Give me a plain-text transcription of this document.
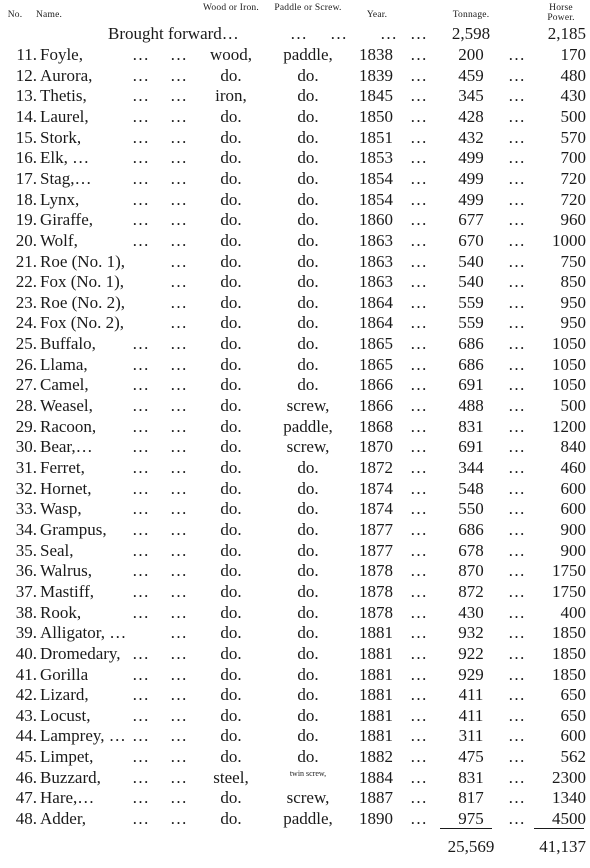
No.	Name.
Wood or Iron.	Paddle or Screw.
Year.	Tonnage.
Horse Power.
Brought forward…	… … … …	2,598	2,185
11. Foyle,	…	…	wood,	paddle,	1838	…	200	…	170
12. Aurora,	…	…	do.	do.	1839	…	459	…	480
13. Thetis,	…	…	iron,	do.	1845	…	345	…	430
14. Laurel,	…	…	do.	do.	1850	…	428	…	500
15. Stork,	…	…	do.	do.	1851	…	432	…	570
16. Elk, …	…	…	do.	do.	1853	…	499	…	700
17. Stag,…	…	…	do.	do.	1854	…	499	…	720
18. Lynx,	…	…	do.	do.	1854	…	499	…	720
19. Giraffe,	…	…	do.	do.	1860	…	677	…	960
20. Wolf,	…	…	do.	do.	1863	…	670	…	1000
21. Roe (No. 1),	…	do.	do.	1863	…	540	…	750
22. Fox (No. 1),	…	do.	do.	1863	…	540	…	850
23. Roe (No. 2),	…	do.	do.	1864	…	559	…	950
24. Fox (No. 2),	…	do.	do.	1864	…	559	…	950
25. Buffalo,	…	…	do.	do.	1865	…	686	…	1050
26. Llama,	…	…	do.	do.	1865	…	686	…	1050
27. Camel,	…	…	do.	do.	1866	…	691	…	1050
28. Weasel,	…	…	do.	screw,	1866	…	488	…	500
29. Racoon,	…	…	do.	paddle,	1868	…	831	…	1200
30. Bear,…	…	…	do.	screw,	1870	…	691	…	840
31. Ferret,	…	…	do.	do.	1872	…	344	…	460
32. Hornet,	…	…	do.	do.	1874	…	548	…	600
33. Wasp,	…	…	do.	do.	1874	…	550	…	600
34. Grampus,	…	…	do.	do.	1877	…	686	…	900
35. Seal,	…	…	do.	do.	1877	…	678	…	900
36. Walrus,	…	…	do.	do.	1878	…	870	…	1750
37. Mastiff,	…	…	do.	do.	1878	…	872	…	1750
38. Rook,	…	…	do.	do.	1878	…	430	…	400
39. Alligator, …	…	do.	do.	1881	…	932	…	1850
40. Dromedary, …	…	do.	do.	1881	…	922	…	1850
41. Gorilla	…	…	do.	do.	1881	…	929	…	1850
42. Lizard,	…	…	do.	do.	1881	…	411	…	650
43. Locust,	…	…	do.	do.	1881	…	411	…	650
44. Lamprey, … …	…	do.	do.	1881	…	311	…	600
45. Limpet,	…	…	do.	do.	1882	…	475	…	562
46. Buzzard,	…	…	steel,	twin screw,	1884	…	831	…	2300
47. Hare,…	…	…	do.	screw,	1887	…	817	…	1340
48. Adder,	…	…	do.	paddle,	1890	…	975	…	4500
25,569	41,137
